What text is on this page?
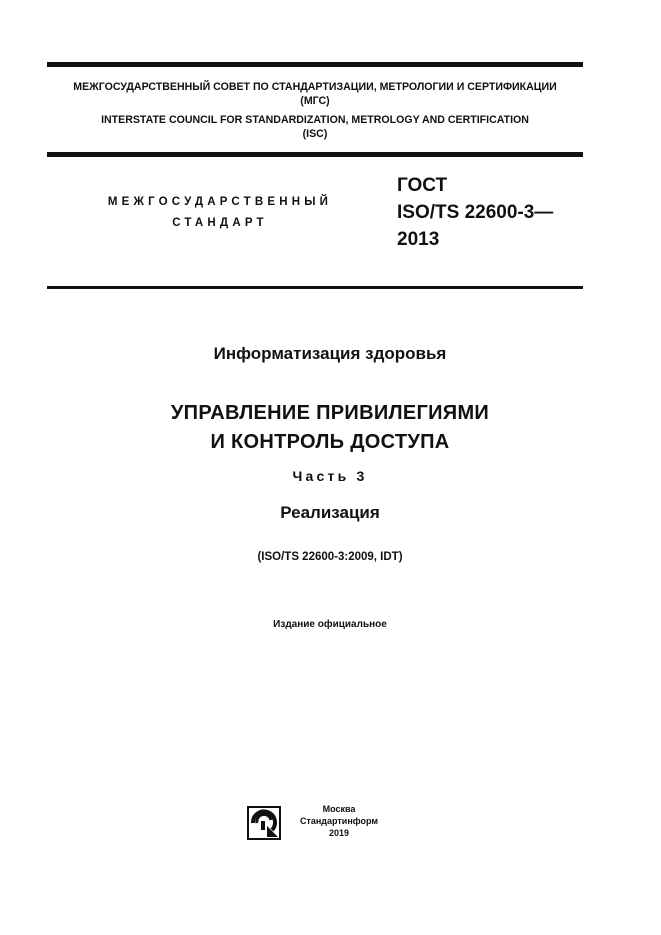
МЕЖГОСУДАРСТВЕННЫЙ СОВЕТ ПО СТАНДАРТИЗАЦИИ, МЕТРОЛОГИИ И СЕРТИФИКАЦИИ
(МГС)
INTERSTATE COUNCIL FOR STANDARDIZATION, METROLOGY AND CERTIFICATION
(ISC)
МЕЖГОСУДАРСТВЕННЫЙ
СТАНДАРТ
ГОСТ
ISO/TS 22600-3—
2013
Информатизация здоровья
УПРАВЛЕНИЕ ПРИВИЛЕГИЯМИ
И КОНТРОЛЬ ДОСТУПА
Часть 3
Реализация
(ISO/TS 22600-3:2009, IDT)
Издание официальное
Москва
Стандартинформ
2019
